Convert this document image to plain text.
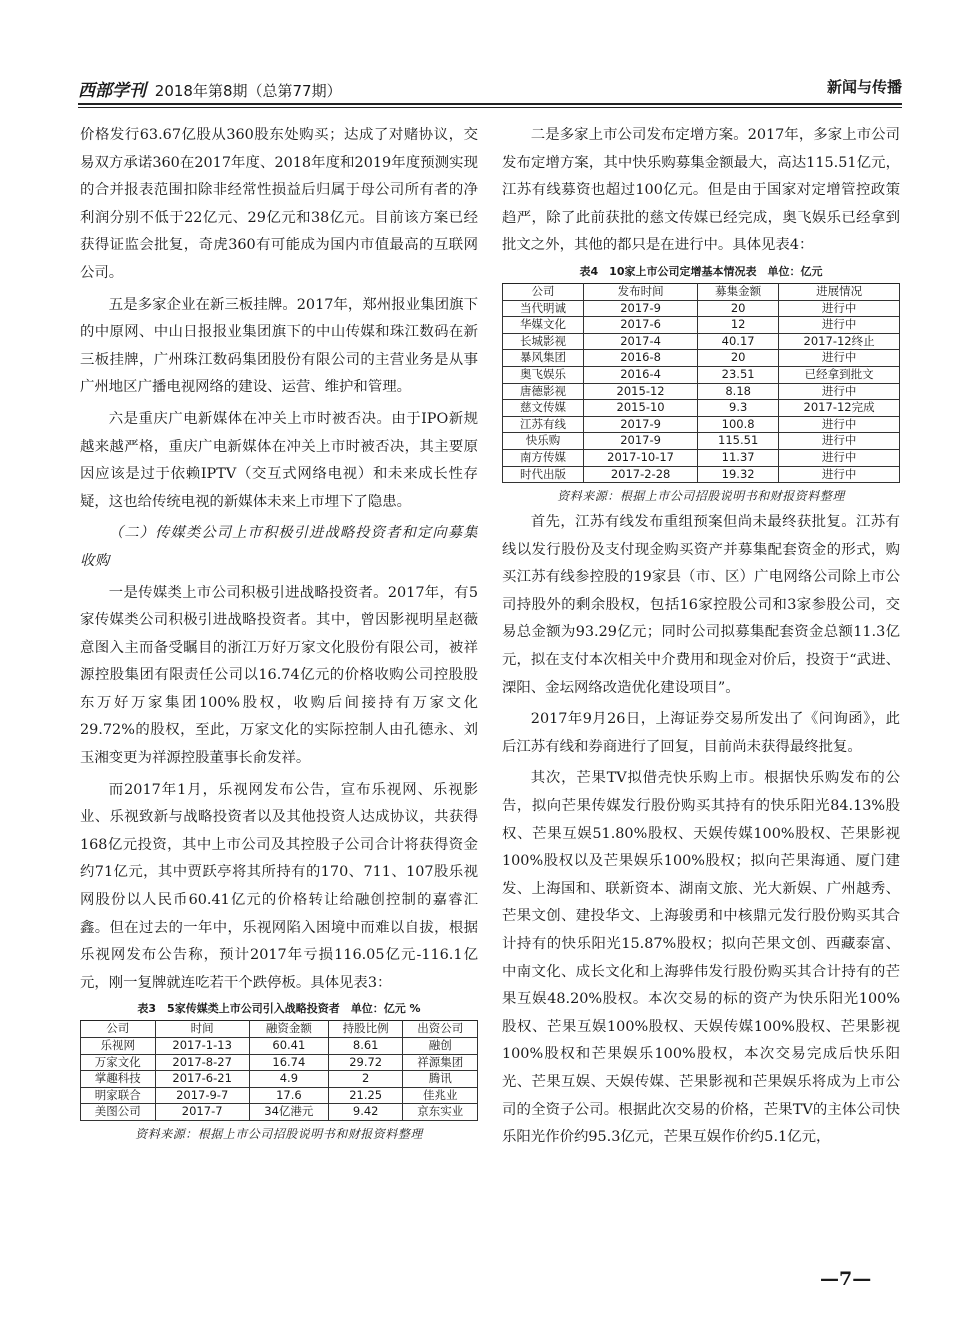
西部学刊 2018年第8期（总第77期）	新闻与传播

价格发行63.67亿股从360股东处购买；达成了对赌协议，交易双方承诺360在2017年度、2018年度和2019年度预测实现的合并报表范围扣除非经常性损益后归属于母公司所有者的净利润分别不低于22亿元、29亿元和38亿元。目前该方案已经获得证监会批复，奇虎360有可能成为国内市值最高的互联网公司。

五是多家企业在新三板挂牌。2017年，郑州报业集团旗下的中原网、中山日报报业集团旗下的中山传媒和珠江数码在新三板挂牌，广州珠江数码集团股份有限公司的主营业务是从事广州地区广播电视网络的建设、运营、维护和管理。

六是重庆广电新媒体在冲关上市时被否决。由于IPO新规越来越严格，重庆广电新媒体在冲关上市时被否决，其主要原因应该是过于依赖IPTV（交互式网络电视）和未来成长性存疑，这也给传统电视的新媒体未来上市埋下了隐患。

（二）传媒类公司上市积极引进战略投资者和定向募集收购

一是传媒类上市公司积极引进战略投资者。2017年，有5家传媒类公司积极引进战略投资者。其中，曾因影视明星赵薇意图入主而备受瞩目的浙江万好万家文化股份有限公司，被祥源控股集团有限责任公司以16.74亿元的价格收购公司控股股东万好万家集团100%股权，收购后间接持有万家文化29.72%的股权，至此，万家文化的实际控制人由孔德永、刘玉湘变更为祥源控股董事长俞发祥。

而2017年1月，乐视网发布公告，宣布乐视网、乐视影业、乐视致新与战略投资者以及其他投资人达成协议，共获得168亿元投资，其中上市公司及其控股子公司合计将获得资金约71亿元，其中贾跃亭将其所持有的170、711、107股乐视网股份以人民币60.41亿元的价格转让给融创控制的嘉睿汇鑫。但在过去的一年中，乐视网陷入困境中而难以自拔，根据乐视网发布公告称，预计2017年亏损116.05亿元-116.1亿元，刚一复牌就连吃若干个跌停板。具体见表3：

表3　5家传媒类上市公司引入战略投资者　单位：亿元 %
公司	时间	融资金额	持股比例	出资公司
乐视网	2017-1-13	60.41	8.61	融创
万家文化	2017-8-27	16.74	29.72	祥源集团
掌趣科技	2017-6-21	4.9	2	腾讯
明家联合	2017-9-7	17.6	21.25	佳兆业
美图公司	2017-7	34亿港元	9.42	京东实业
资料来源：根据上市公司招股说明书和财报资料整理

二是多家上市公司发布定增方案。2017年，多家上市公司发布定增方案，其中快乐购募集金额最大，高达115.51亿元，江苏有线募资也超过100亿元。但是由于国家对定增管控政策趋严，除了此前获批的慈文传媒已经完成，奥飞娱乐已经拿到批文之外，其他的都只是在进行中。具体见表4：

表4　10家上市公司定增基本情况表　单位：亿元
公司	发布时间	募集金额	进展情况
当代明诚	2017-9	20	进行中
华媒文化	2017-6	12	进行中
长城影视	2017-4	40.17	2017-12终止
暴风集团	2016-8	20	进行中
奥飞娱乐	2016-4	23.51	已经拿到批文
唐德影视	2015-12	8.18	进行中
慈文传媒	2015-10	9.3	2017-12完成
江苏有线	2017-9	100.8	进行中
快乐购	2017-9	115.51	进行中
南方传媒	2017-10-17	11.37	进行中
时代出版	2017-2-28	19.32	进行中
资料来源：根据上市公司招股说明书和财报资料整理

首先，江苏有线发布重组预案但尚未最终获批复。江苏有线以发行股份及支付现金购买资产并募集配套资金的形式，购买江苏有线参控股的19家县（市、区）广电网络公司除上市公司持股外的剩余股权，包括16家控股公司和3家参股公司，交易总金额为93.29亿元；同时公司拟募集配套资金总额11.3亿元，拟在支付本次相关中介费用和现金对价后，投资于“武进、溧阳、金坛网络改造优化建设项目”。

2017年9月26日，上海证券交易所发出了《问询函》，此后江苏有线和券商进行了回复，目前尚未获得最终批复。

其次，芒果TV拟借壳快乐购上市。根据快乐购发布的公告，拟向芒果传媒发行股份购买其持有的快乐阳光84.13%股权、芒果互娱51.80%股权、天娱传媒100%股权、芒果影视100%股权以及芒果娱乐100%股权；拟向芒果海通、厦门建发、上海国和、联新资本、湖南文旅、光大新娱、广州越秀、芒果文创、建投华文、上海骏勇和中核鼎元发行股份购买其合计持有的快乐阳光15.87%股权；拟向芒果文创、西藏泰富、中南文化、成长文化和上海骅伟发行股份购买其合计持有的芒果互娱48.20%股权。本次交易的标的资产为快乐阳光100%股权、芒果互娱100%股权、天娱传媒100%股权、芒果影视100%股权和芒果娱乐100%股权，本次交易完成后快乐阳光、芒果互娱、天娱传媒、芒果影视和芒果娱乐将成为上市公司的全资子公司。根据此次交易的价格，芒果TV的主体公司快乐阳光作价约95.3亿元，芒果互娱作价约5.1亿元，

—7—
